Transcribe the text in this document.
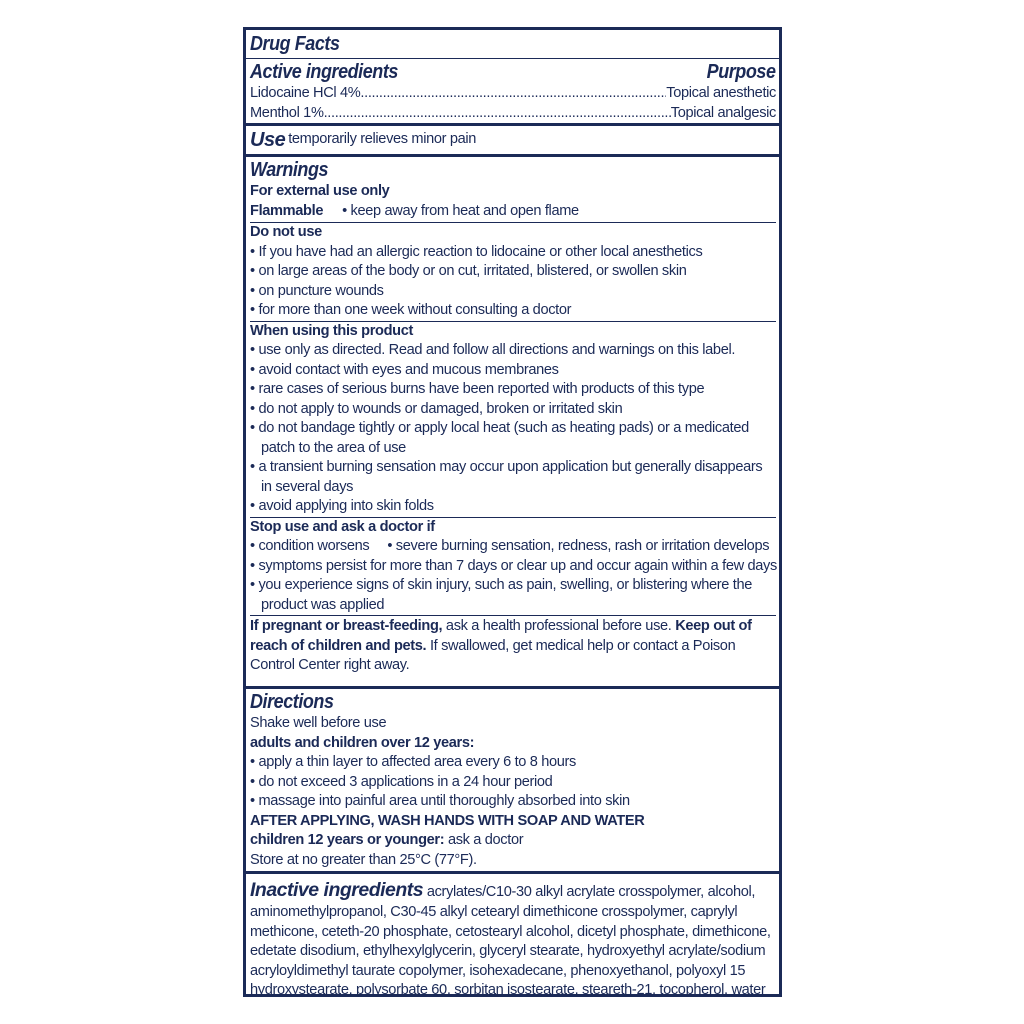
Drug Facts
Active ingredients	Purpose
Lidocaine HCl 4% .....	Topical anesthetic
Menthol 1% .....	Topical analgesic
Use temporarily relieves minor pain
Warnings
For external use only
Flammable • keep away from heat and open flame
Do not use
• If you have had an allergic reaction to lidocaine or other local anesthetics
• on large areas of the body or on cut, irritated, blistered, or swollen skin
• on puncture wounds
• for more than one week without consulting a doctor
When using this product
• use only as directed. Read and follow all directions and warnings on this label.
• avoid contact with eyes and mucous membranes
• rare cases of serious burns have been reported with products of this type
• do not apply to wounds or damaged, broken or irritated skin
• do not bandage tightly or apply local heat (such as heating pads) or a medicated patch to the area of use
• a transient burning sensation may occur upon application but generally disappears in several days
• avoid applying into skin folds
Stop use and ask a doctor if
• condition worsens • severe burning sensation, redness, rash or irritation develops
• symptoms persist for more than 7 days or clear up and occur again within a few days
• you experience signs of skin injury, such as pain, swelling, or blistering where the product was applied
If pregnant or breast-feeding, ask a health professional before use. Keep out of reach of children and pets. If swallowed, get medical help or contact a Poison Control Center right away.
Directions
Shake well before use
adults and children over 12 years:
• apply a thin layer to affected area every 6 to 8 hours
• do not exceed 3 applications in a 24 hour period
• massage into painful area until thoroughly absorbed into skin
AFTER APPLYING, WASH HANDS WITH SOAP AND WATER
children 12 years or younger: ask a doctor
Store at no greater than 25°C (77°F).
Inactive ingredients acrylates/C10-30 alkyl acrylate crosspolymer, alcohol, aminomethylpropanol, C30-45 alkyl cetearyl dimethicone crosspolymer, caprylyl methicone, ceteth-20 phosphate, cetostearyl alcohol, dicetyl phosphate, dimethicone, edetate disodium, ethylhexylglycerin, glyceryl stearate, hydroxyethyl acrylate/sodium acryloyldimethyl taurate copolymer, isohexadecane, phenoxyethanol, polyoxyl 15 hydroxystearate, polysorbate 60, sorbitan isostearate, steareth-21, tocopherol, water
